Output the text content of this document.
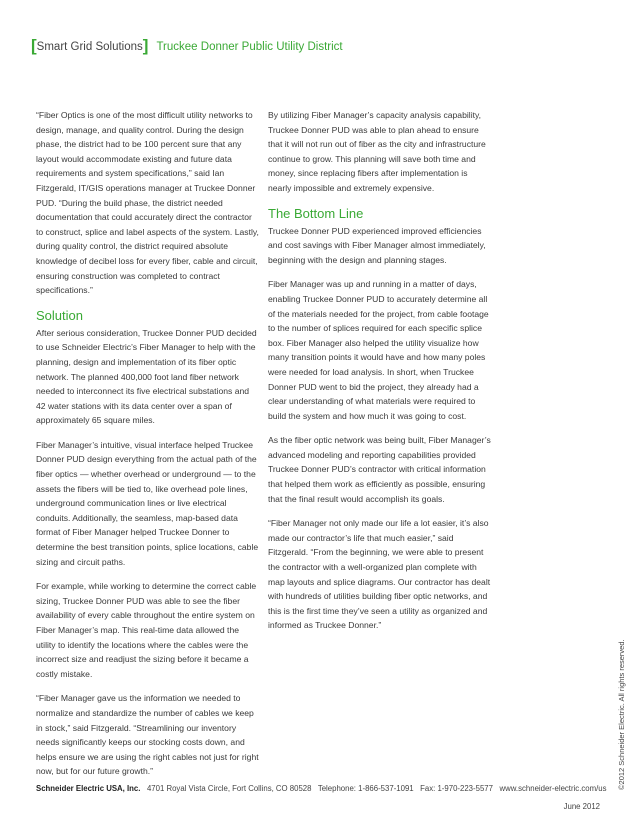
[Smart Grid Solutions] Truckee Donner Public Utility District

“Fiber Optics is one of the most difficult utility networks to design, manage, and quality control. During the design phase, the district had to be 100 percent sure that any layout would accommodate existing and future data requirements and system specifications,” said Ian Fitzgerald, IT/GIS operations manager at Truckee Donner PUD. “During the build phase, the district needed documentation that could accurately direct the contractor to construct, splice and label aspects of the system. Lastly, during quality control, the district required absolute knowledge of decibel loss for every fiber, cable and circuit, ensuring construction was completed to contract specifications.”

Solution

After serious consideration, Truckee Donner PUD decided to use Schneider Electric’s Fiber Manager to help with the planning, design and implementation of its fiber optic network. The planned 400,000 foot land fiber network needed to interconnect its five electrical substations and 42 water stations with its data center over a span of approximately 65 square miles.

Fiber Manager’s intuitive, visual interface helped Truckee Donner PUD design everything from the actual path of the fiber optics — whether overhead or underground — to the assets the fibers will be tied to, like overhead pole lines, underground communication lines or live electrical conduits. Additionally, the seamless, map-based data format of Fiber Manager helped Truckee Donner to determine the best transition points, splice locations, cable sizing and circuit paths.

For example, while working to determine the correct cable sizing, Truckee Donner PUD was able to see the fiber availability of every cable throughout the entire system on Fiber Manager’s map. This real-time data allowed the utility to identify the locations where the cables were the incorrect size and readjust the sizing before it became a costly mistake.

“Fiber Manager gave us the information we needed to normalize and standardize the number of cables we keep in stock,” said Fitzgerald. “Streamlining our inventory needs significantly keeps our stocking costs down, and helps ensure we are using the right cables not just for right now, but for our future growth.”

By utilizing Fiber Manager’s capacity analysis capability, Truckee Donner PUD was able to plan ahead to ensure that it will not run out of fiber as the city and infrastructure continue to grow. This planning will save both time and money, since replacing fibers after implementation is nearly impossible and extremely expensive.

The Bottom Line

Truckee Donner PUD experienced improved efficiencies and cost savings with Fiber Manager almost immediately, beginning with the design and planning stages.

Fiber Manager was up and running in a matter of days, enabling Truckee Donner PUD to accurately determine all of the materials needed for the project, from cable footage to the number of splices required for each specific splice box. Fiber Manager also helped the utility visualize how many transition points it would have and how many poles were needed for load analysis. In short, when Truckee Donner PUD went to bid the project, they already had a clear understanding of what materials were required to build the system and how much it was going to cost.

As the fiber optic network was being built, Fiber Manager’s advanced modeling and reporting capabilities provided Truckee Donner PUD’s contractor with critical information that helped them work as efficiently as possible, ensuring that the final result would accomplish its goals.

“Fiber Manager not only made our life a lot easier, it’s also made our contractor’s life that much easier,” said Fitzgerald. “From the beginning, we were able to present the contractor with a well-organized plan complete with map layouts and splice diagrams. Our contractor has dealt with hundreds of utilities building fiber optic networks, and this is the first time they’ve seen a utility as organized and informed as Truckee Donner.”

©2012 Schneider Electric. All rights reserved.
Schneider Electric USA, Inc. 4701 Royal Vista Circle, Fort Collins, CO 80528 Telephone: 1-866-537-1091 Fax: 1-970-223-5577 www.schneider-electric.com/us
June 2012
